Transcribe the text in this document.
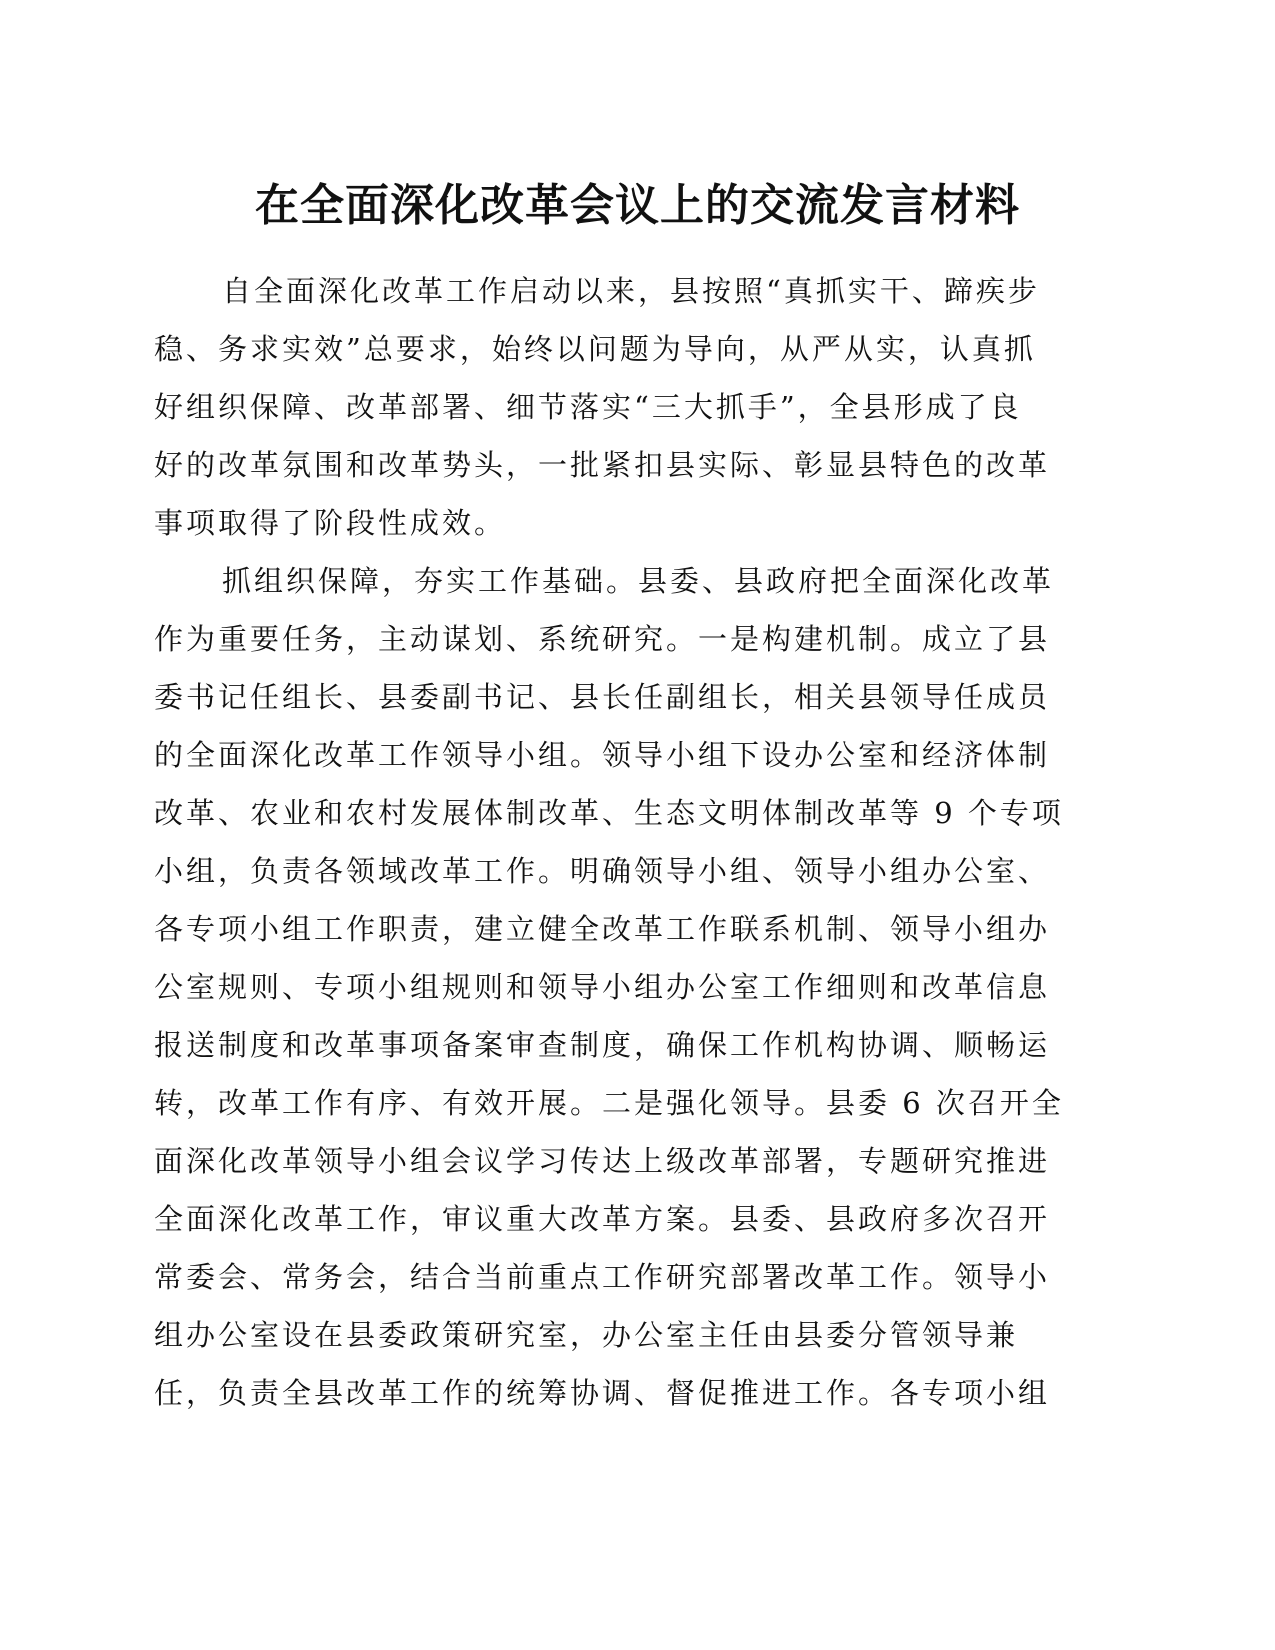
在全面深化改革会议上的交流发言材料
自全面深化改革工作启动以来，县按照“真抓实干、蹄疾步
稳、务求实效”总要求，始终以问题为导向，从严从实，认真抓
好组织保障、改革部署、细节落实“三大抓手”，全县形成了良
好的改革氛围和改革势头，一批紧扣县实际、彰显县特色的改革
事项取得了阶段性成效。
抓组织保障，夯实工作基础。县委、县政府把全面深化改革
作为重要任务，主动谋划、系统研究。一是构建机制。成立了县
委书记任组长、县委副书记、县长任副组长，相关县领导任成员
的全面深化改革工作领导小组。领导小组下设办公室和经济体制
改革、农业和农村发展体制改革、生态文明体制改革等 9 个专项
小组，负责各领域改革工作。明确领导小组、领导小组办公室、
各专项小组工作职责，建立健全改革工作联系机制、领导小组办
公室规则、专项小组规则和领导小组办公室工作细则和改革信息
报送制度和改革事项备案审查制度，确保工作机构协调、顺畅运
转，改革工作有序、有效开展。二是强化领导。县委 6 次召开全
面深化改革领导小组会议学习传达上级改革部署，专题研究推进
全面深化改革工作，审议重大改革方案。县委、县政府多次召开
常委会、常务会，结合当前重点工作研究部署改革工作。领导小
组办公室设在县委政策研究室，办公室主任由县委分管领导兼
任，负责全县改革工作的统筹协调、督促推进工作。各专项小组
